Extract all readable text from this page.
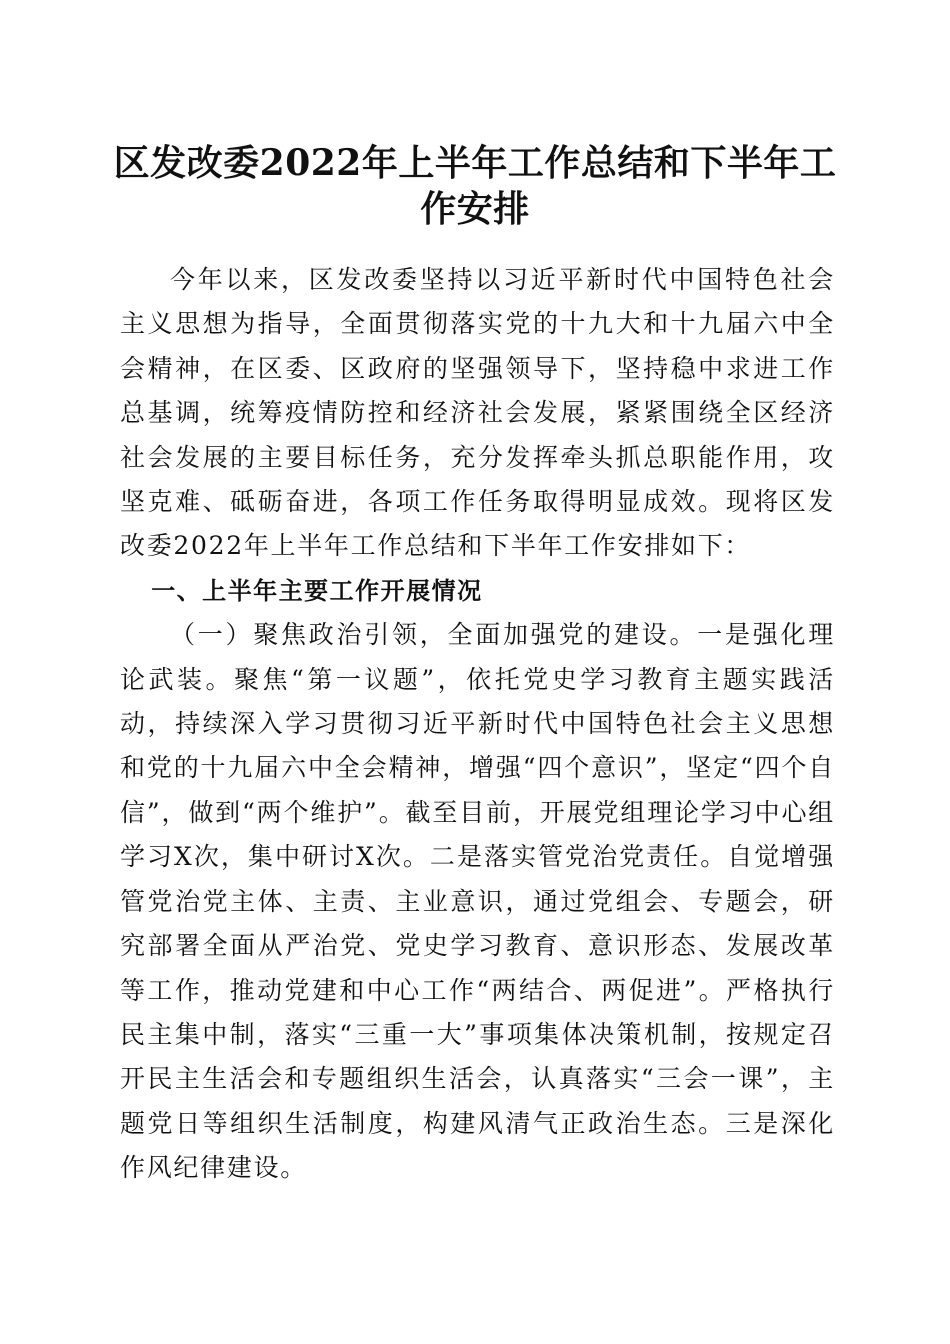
区发改委2022年上半年工作总结和下半年工作安排

今年以来，区发改委坚持以习近平新时代中国特色社会主义思想为指导，全面贯彻落实党的十九大和十九届六中全会精神，在区委、区政府的坚强领导下，坚持稳中求进工作总基调，统筹疫情防控和经济社会发展，紧紧围绕全区经济社会发展的主要目标任务，充分发挥牵头抓总职能作用，攻坚克难、砥砺奋进，各项工作任务取得明显成效。现将区发改委2022年上半年工作总结和下半年工作安排如下：

一、上半年主要工作开展情况

（一）聚焦政治引领，全面加强党的建设。一是强化理论武装。聚焦“第一议题”，依托党史学习教育主题实践活动，持续深入学习贯彻习近平新时代中国特色社会主义思想和党的十九届六中全会精神，增强“四个意识”，坚定“四个自信”，做到“两个维护”。截至目前，开展党组理论学习中心组学习X次，集中研讨X次。二是落实管党治党责任。自觉增强管党治党主体、主责、主业意识，通过党组会、专题会，研究部署全面从严治党、党史学习教育、意识形态、发展改革等工作，推动党建和中心工作“两结合、两促进”。严格执行民主集中制，落实“三重一大”事项集体决策机制，按规定召开民主生活会和专题组织生活会，认真落实“三会一课”，主题党日等组织生活制度，构建风清气正政治生态。三是深化作风纪律建设。
